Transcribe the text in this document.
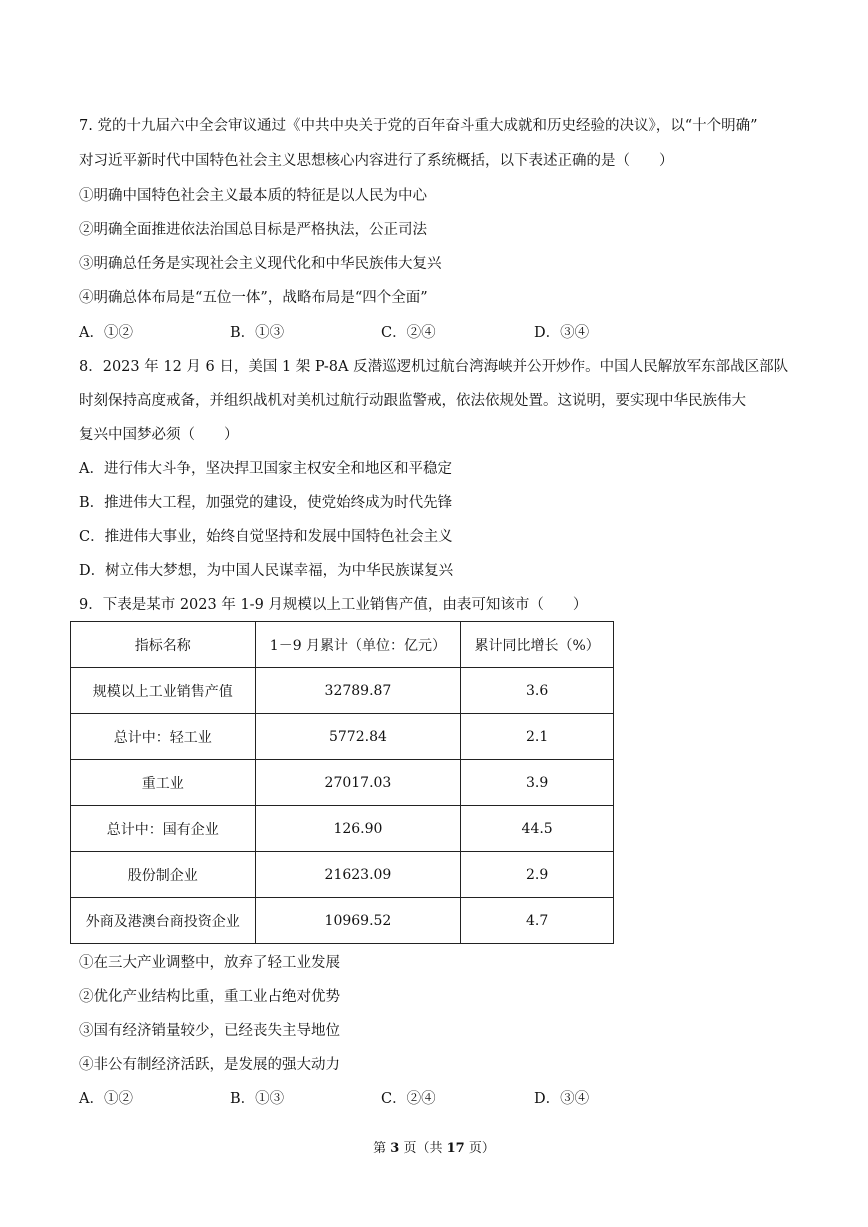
7. 党的十九届六中全会审议通过《中共中央关于党的百年奋斗重大成就和历史经验的决议》，以“十个明确”
对习近平新时代中国特色社会主义思想核心内容进行了系统概括，以下表述正确的是（　　）
①明确中国特色社会主义最本质的特征是以人民为中心
②明确全面推进依法治国总目标是严格执法，公正司法
③明确总任务是实现社会主义现代化和中华民族伟大复兴
④明确总体布局是“五位一体”，战略布局是“四个全面”
A．①②	B．①③	C．②④	D．③④
8．2023 年 12 月 6 日，美国 1 架 P-8A 反潜巡逻机过航台湾海峡并公开炒作。中国人民解放军东部战区部队
时刻保持高度戒备，并组织战机对美机过航行动跟监警戒，依法依规处置。这说明，要实现中华民族伟大
复兴中国梦必须（　　）
A．进行伟大斗争，坚决捍卫国家主权安全和地区和平稳定
B．推进伟大工程，加强党的建设，使党始终成为时代先锋
C．推进伟大事业，始终自觉坚持和发展中国特色社会主义
D．树立伟大梦想，为中国人民谋幸福，为中华民族谋复兴
9．下表是某市 2023 年 1-9 月规模以上工业销售产值，由表可知该市（　　）
指标名称	1－9 月累计（单位：亿元）	累计同比增长（%）
规模以上工业销售产值	32789.87	3.6
总计中：轻工业	5772.84	2.1
重工业	27017.03	3.9
总计中：国有企业	126.90	44.5
股份制企业	21623.09	2.9
外商及港澳台商投资企业	10969.52	4.7
①在三大产业调整中，放弃了轻工业发展
②优化产业结构比重，重工业占绝对优势
③国有经济销量较少，已经丧失主导地位
④非公有制经济活跃，是发展的强大动力
A．①②	B．①③	C．②④	D．③④
第 3 页（共 17 页）
